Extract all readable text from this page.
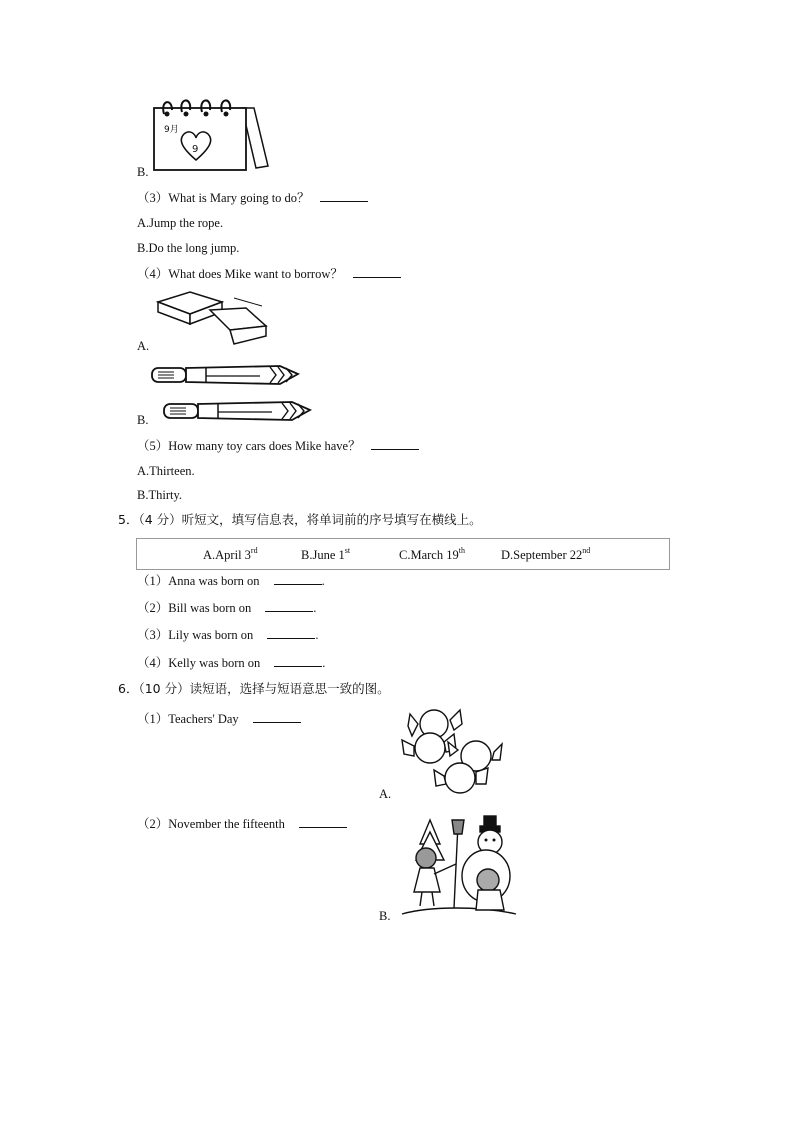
9月
9
B.
（3）What is Mary going to do？
A.Jump the rope.
B.Do the long jump.
（4）What does Mike want to borrow？
A.
B.
（5）How many toy cars does Mike have？
A.Thirteen.
B.Thirty.
5．（4 分）听短文，填写信息表，将单词前的序号填写在横线上。
A.April 3rd	B.June 1st	C.March 19th	D.September 22nd
（1）Anna was born on	.
（2）Bill was born on	.
（3）Lily was born on	.
（4）Kelly was born on	.
6．（10 分）读短语，选择与短语意思一致的图。
（1）Teachers' Day
A.
（2）November the fifteenth
B.
